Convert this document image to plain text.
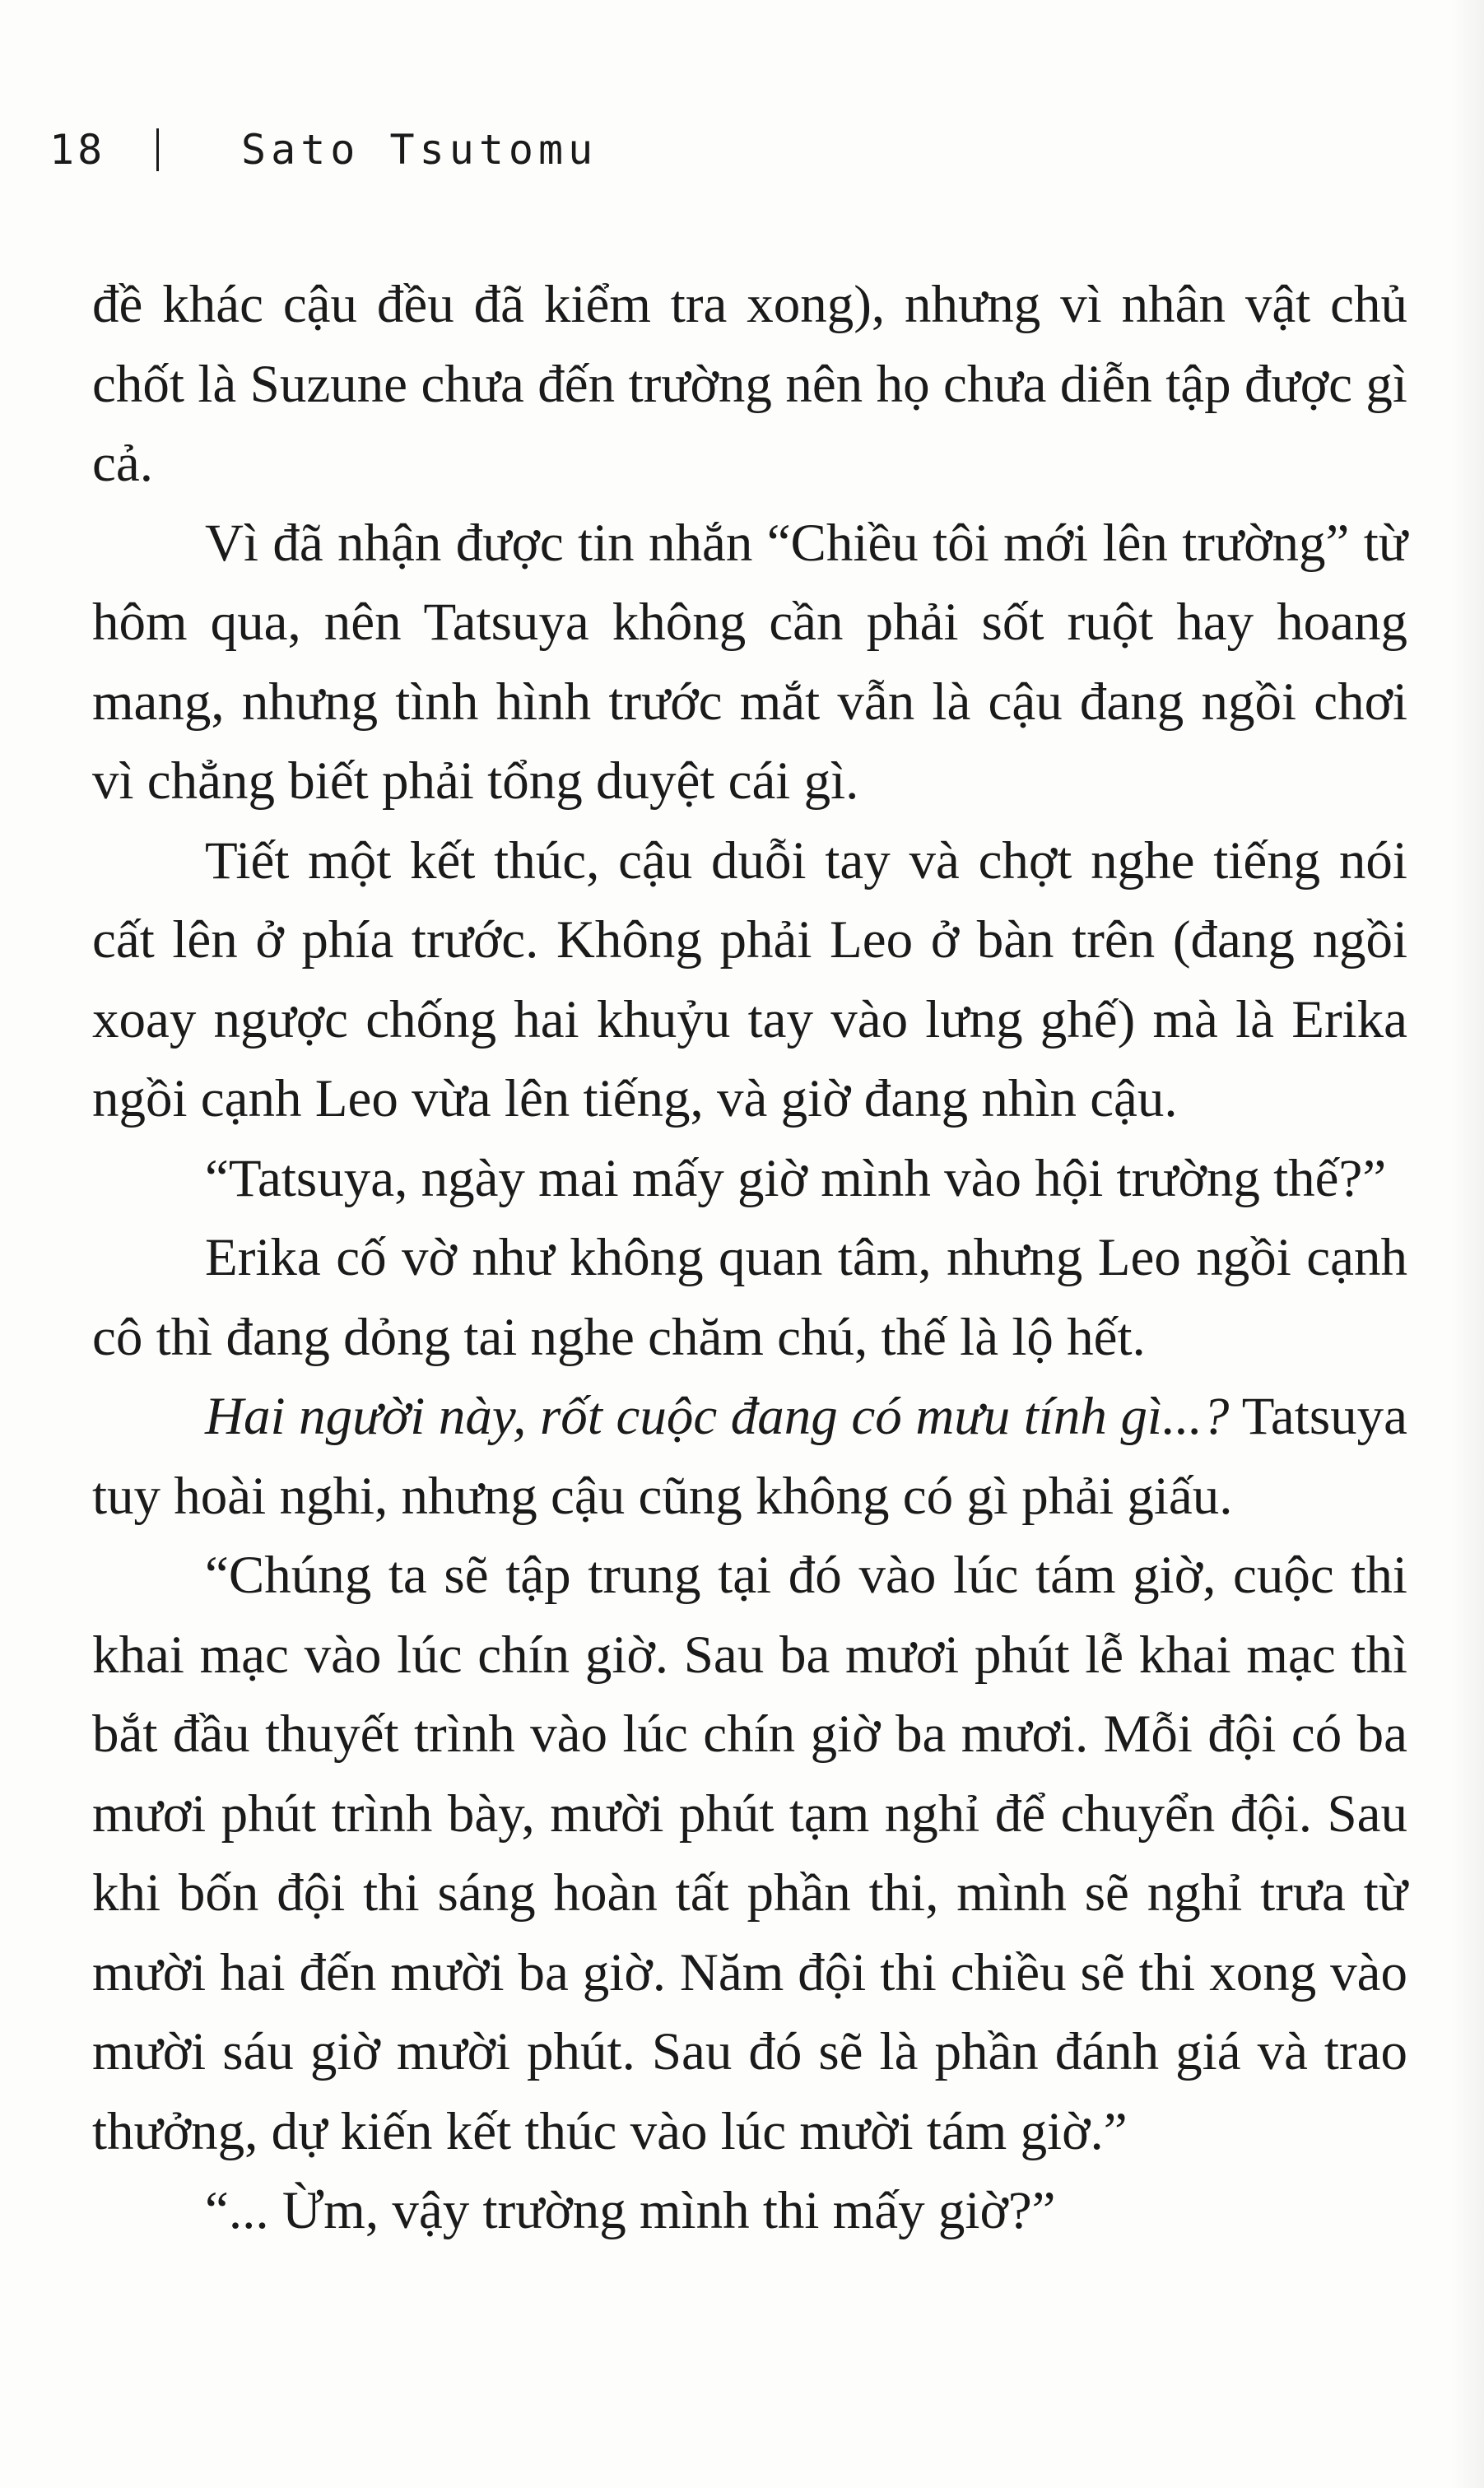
18	Sato Tsutomu

đề khác cậu đều đã kiểm tra xong), nhưng vì nhân vật chủ chốt là Suzune chưa đến trường nên họ chưa diễn tập được gì cả.

Vì đã nhận được tin nhắn “Chiều tôi mới lên trường” từ hôm qua, nên Tatsuya không cần phải sốt ruột hay hoang mang, nhưng tình hình trước mắt vẫn là cậu đang ngồi chơi vì chẳng biết phải tổng duyệt cái gì.

Tiết một kết thúc, cậu duỗi tay và chợt nghe tiếng nói cất lên ở phía trước. Không phải Leo ở bàn trên (đang ngồi xoay ngược chống hai khuỷu tay vào lưng ghế) mà là Erika ngồi cạnh Leo vừa lên tiếng, và giờ đang nhìn cậu.

“Tatsuya, ngày mai mấy giờ mình vào hội trường thế?”

Erika cố vờ như không quan tâm, nhưng Leo ngồi cạnh cô thì đang dỏng tai nghe chăm chú, thế là lộ hết.

Hai người này, rốt cuộc đang có mưu tính gì...? Tatsuya tuy hoài nghi, nhưng cậu cũng không có gì phải giấu.

“Chúng ta sẽ tập trung tại đó vào lúc tám giờ, cuộc thi khai mạc vào lúc chín giờ. Sau ba mươi phút lễ khai mạc thì bắt đầu thuyết trình vào lúc chín giờ ba mươi. Mỗi đội có ba mươi phút trình bày, mười phút tạm nghỉ để chuyển đội. Sau khi bốn đội thi sáng hoàn tất phần thi, mình sẽ nghỉ trưa từ mười hai đến mười ba giờ. Năm đội thi chiều sẽ thi xong vào mười sáu giờ mười phút. Sau đó sẽ là phần đánh giá và trao thưởng, dự kiến kết thúc vào lúc mười tám giờ.”

“... Ừm, vậy trường mình thi mấy giờ?”
